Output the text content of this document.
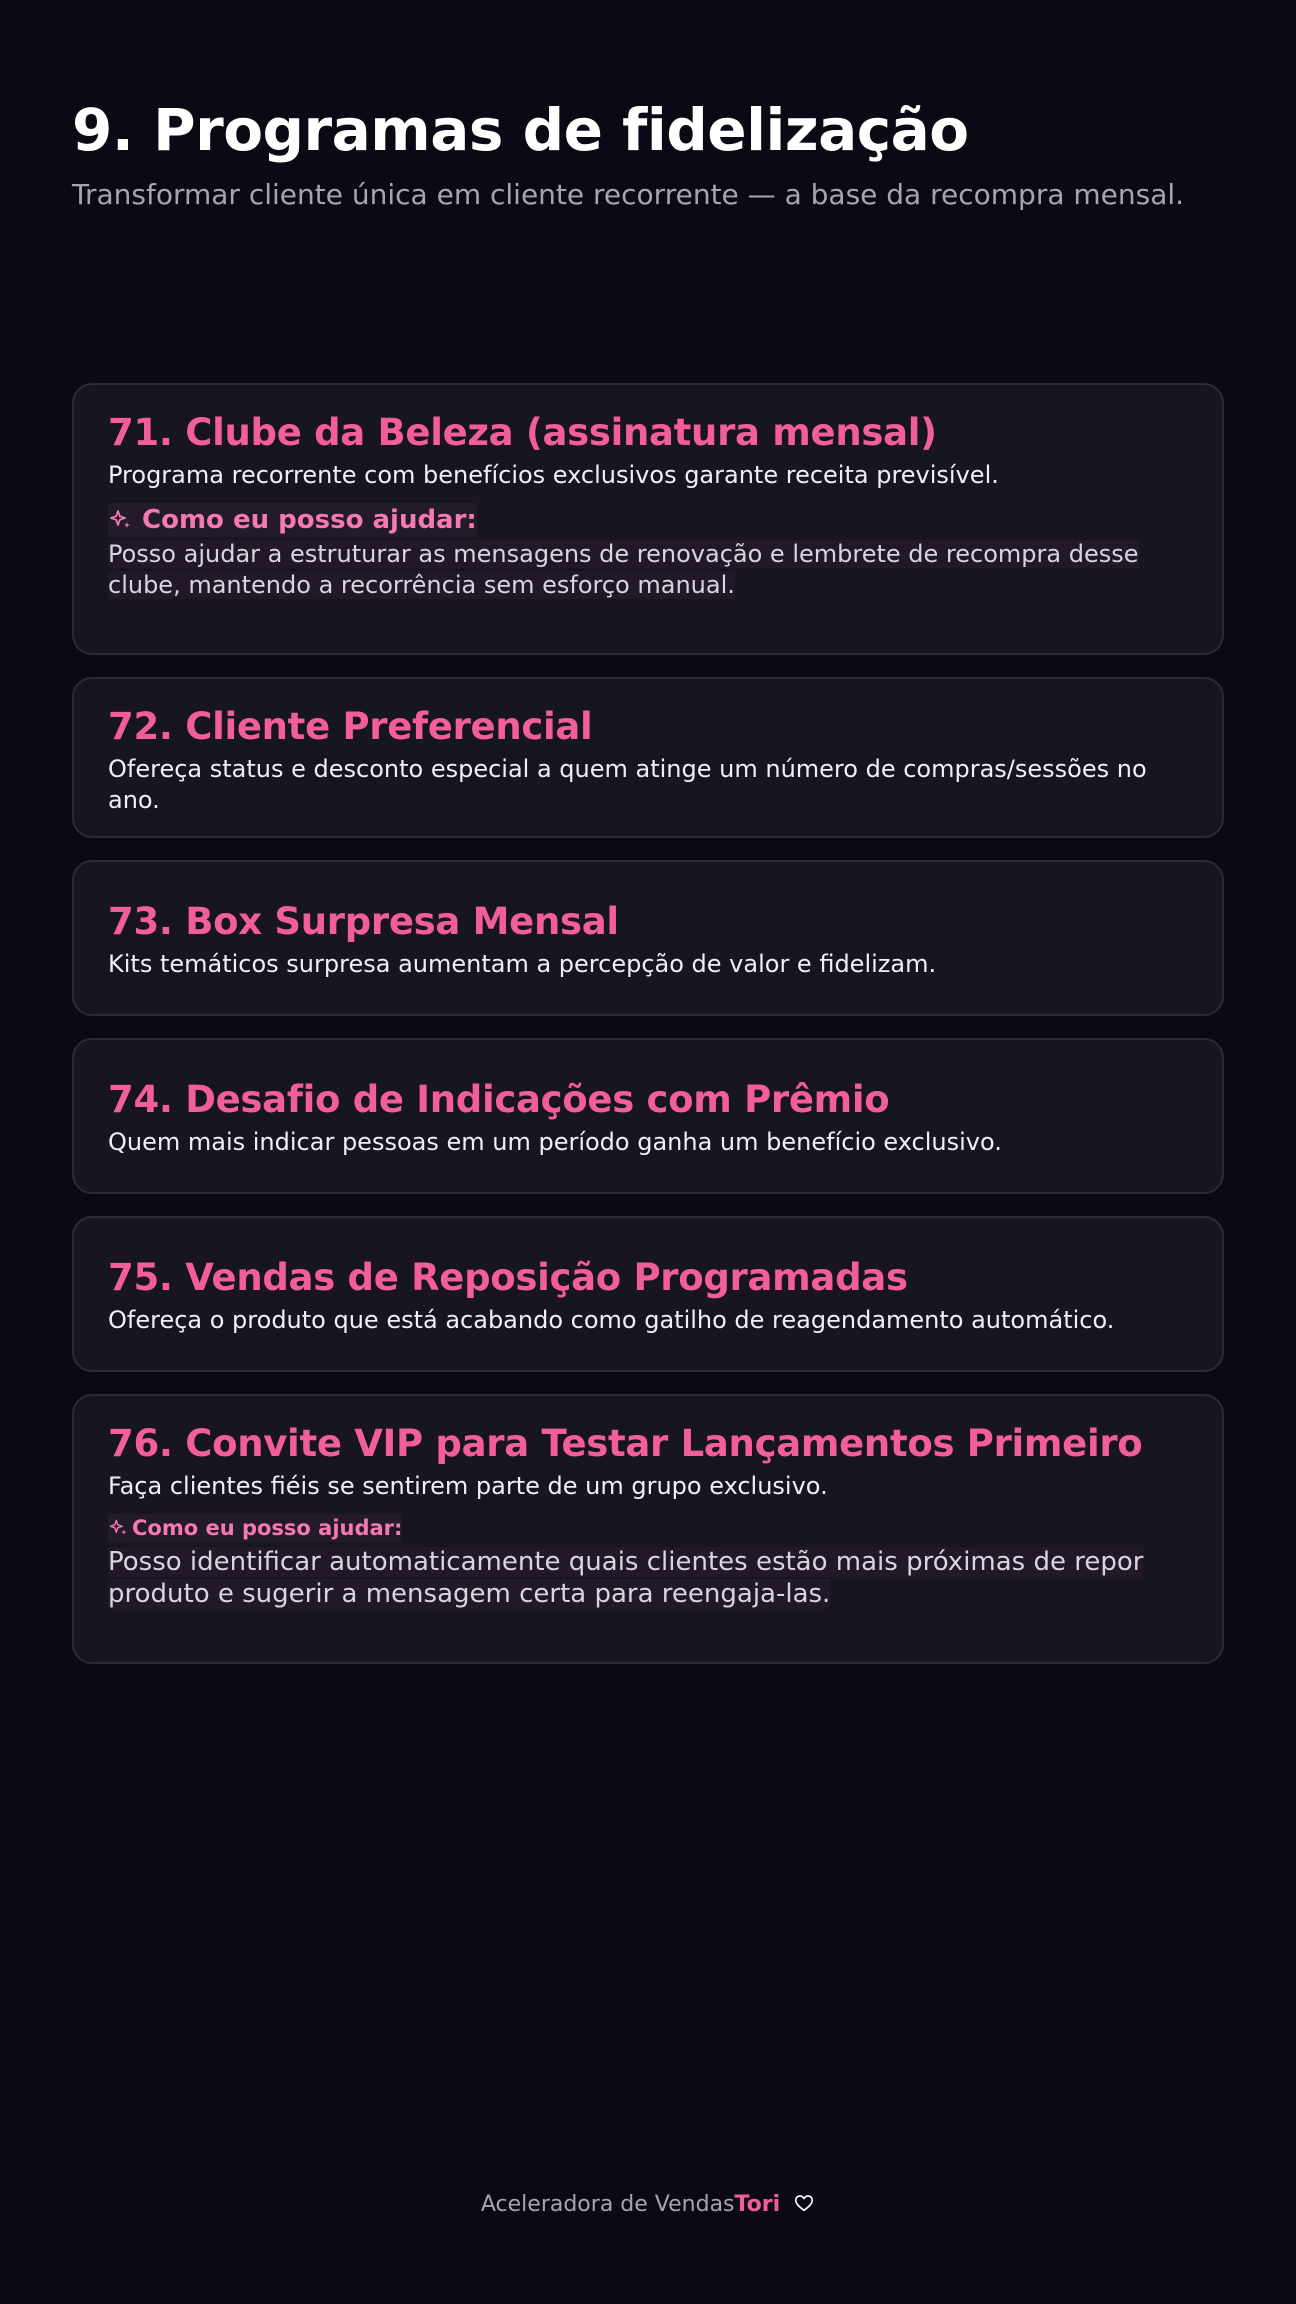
9. Programas de fidelização
Transformar cliente única em cliente recorrente — a base da recompra mensal.
71. Clube da Beleza (assinatura mensal)
Programa recorrente com benefícios exclusivos garante receita previsível.
Como eu posso ajudar:
Posso ajudar a estruturar as mensagens de renovação e lembrete de recompra desse clube, mantendo a recorrência sem esforço manual.
72. Cliente Preferencial
Ofereça status e desconto especial a quem atinge um número de compras/sessões no ano.
73. Box Surpresa Mensal
Kits temáticos surpresa aumentam a percepção de valor e fidelizam.
74. Desafio de Indicações com Prêmio
Quem mais indicar pessoas em um período ganha um benefício exclusivo.
75. Vendas de Reposição Programadas
Ofereça o produto que está acabando como gatilho de reagendamento automático.
76. Convite VIP para Testar Lançamentos Primeiro
Faça clientes fiéis se sentirem parte de um grupo exclusivo.
Como eu posso ajudar:
Posso identificar automaticamente quais clientes estão mais próximas de repor produto e sugerir a mensagem certa para reengaja-las.
Aceleradora de VendasTori
